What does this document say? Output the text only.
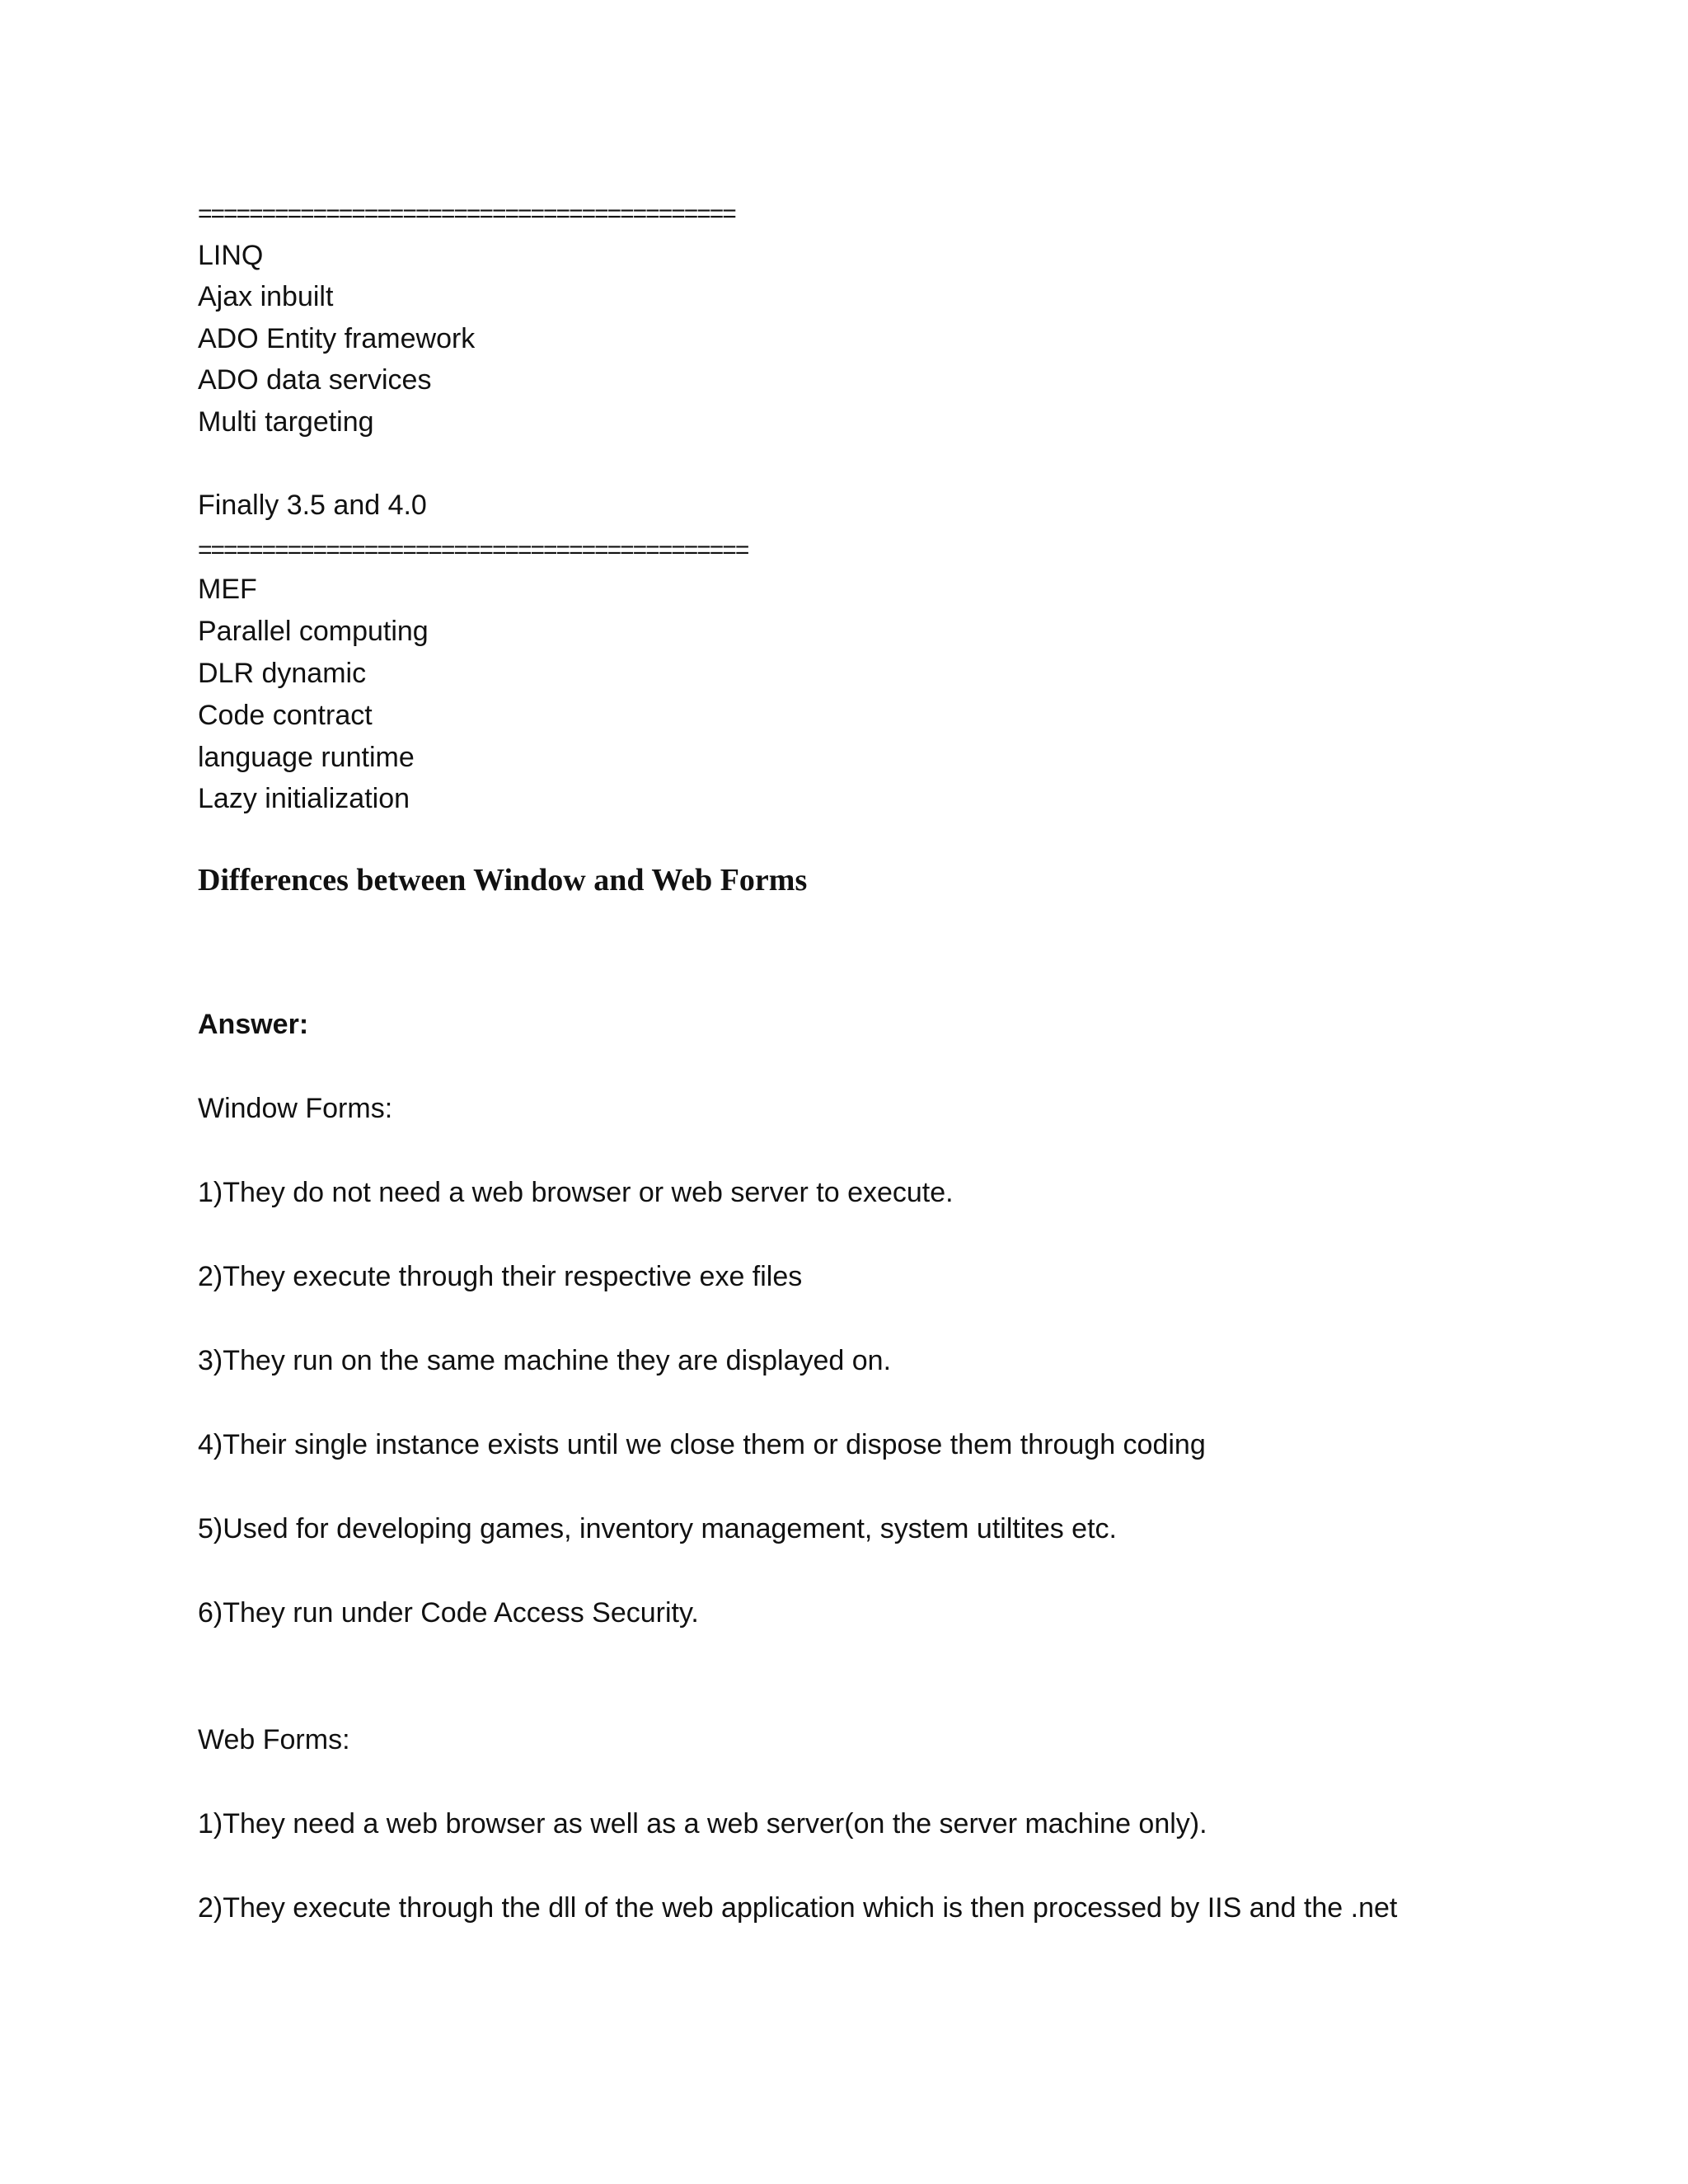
==========================================

LINQ

Ajax inbuilt

ADO Entity framework

ADO data services

Multi targeting

Finally 3.5 and 4.0

===========================================

MEF

Parallel computing

DLR dynamic

Code contract

language runtime

Lazy initialization

Differences between Window and Web Forms

Answer:

Window Forms:

1)They do not need a web browser or web server to execute.

2)They execute through their respective exe files

3)They run on the same machine they are displayed on.

4)Their single instance exists until we close them or dispose them through coding

5)Used for developing games, inventory management, system utiltites etc.

6)They run under Code Access Security.

Web Forms:

1)They need a web browser as well as a web server(on the server machine only).

2)They execute through the dll of the web application which is then processed by IIS and the .net
